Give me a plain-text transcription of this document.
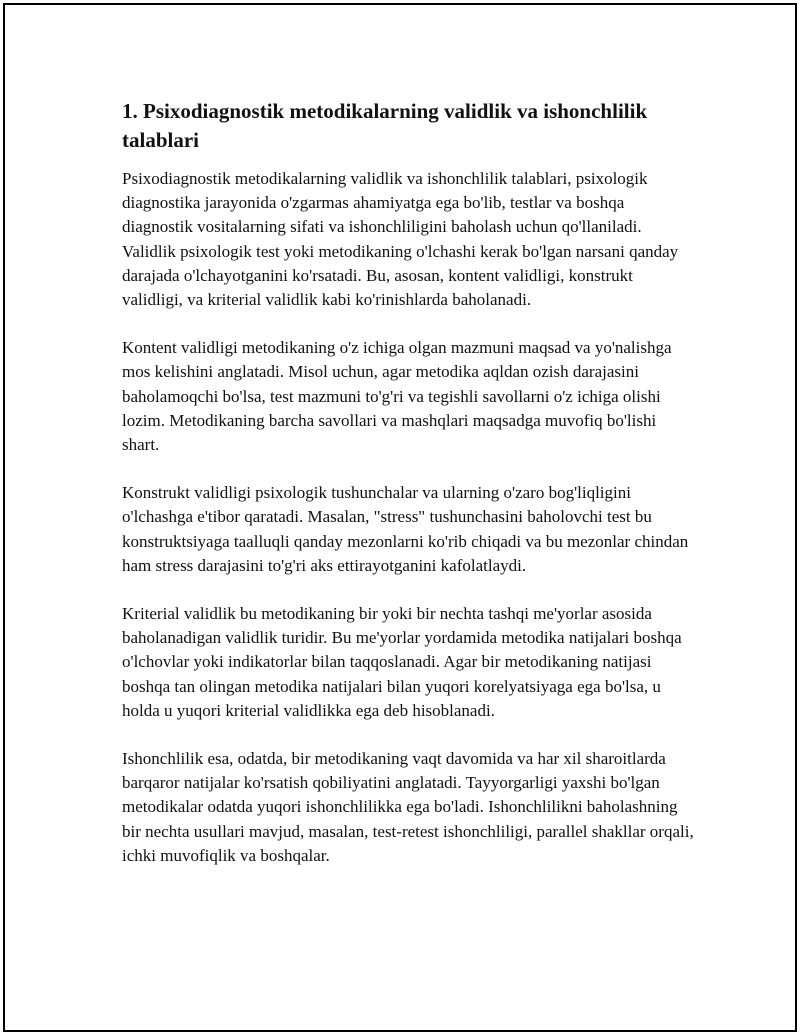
1. Psixodiagnostik metodikalarning validlik va ishonchlilik talablari

Psixodiagnostik metodikalarning validlik va ishonchlilik talablari, psixologik diagnostika jarayonida o'zgarmas ahamiyatga ega bo'lib, testlar va boshqa diagnostik vositalarning sifati va ishonchliligini baholash uchun qo'llaniladi. Validlik psixologik test yoki metodikaning o'lchashi kerak bo'lgan narsani qanday darajada o'lchayotganini ko'rsatadi. Bu, asosan, kontent validligi, konstrukt validligi, va kriterial validlik kabi ko'rinishlarda baholanadi.

Kontent validligi metodikaning o'z ichiga olgan mazmuni maqsad va yo'nalishga mos kelishini anglatadi. Misol uchun, agar metodika aqldan ozish darajasini baholamoqchi bo'lsa, test mazmuni to'g'ri va tegishli savollarni o'z ichiga olishi lozim. Metodikaning barcha savollari va mashqlari maqsadga muvofiq bo'lishi shart.

Konstrukt validligi psixologik tushunchalar va ularning o'zaro bog'liqligini o'lchashga e'tibor qaratadi. Masalan, "stress" tushunchasini baholovchi test bu konstruktsiyaga taalluqli qanday mezonlarni ko'rib chiqadi va bu mezonlar chindan ham stress darajasini to'g'ri aks ettirayotganini kafolatlaydi.

Kriterial validlik bu metodikaning bir yoki bir nechta tashqi me'yorlar asosida baholanadigan validlik turidir. Bu me'yorlar yordamida metodika natijalari boshqa o'lchovlar yoki indikatorlar bilan taqqoslanadi. Agar bir metodikaning natijasi boshqa tan olingan metodika natijalari bilan yuqori korelyatsiyaga ega bo'lsa, u holda u yuqori kriterial validlikka ega deb hisoblanadi.

Ishonchlilik esa, odatda, bir metodikaning vaqt davomida va har xil sharoitlarda barqaror natijalar ko'rsatish qobiliyatini anglatadi. Tayyorgarligi yaxshi bo'lgan metodikalar odatda yuqori ishonchlilikka ega bo'ladi. Ishonchlilikni baholashning bir nechta usullari mavjud, masalan, test-retest ishonchliligi, parallel shakllar orqali, ichki muvofiqlik va boshqalar.
